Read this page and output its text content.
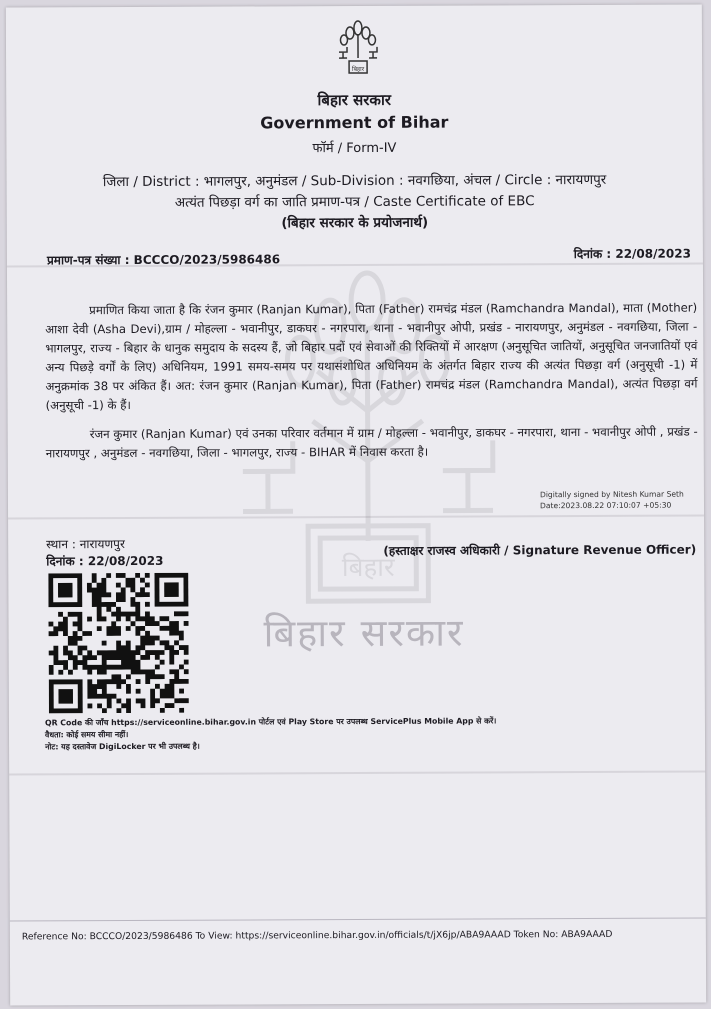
बिहार
बिहार सरकार
बिहार
बिहार सरकार
Government of Bihar
फॉर्म / Form-IV
जिला / District : भागलपुर, अनुमंडल / Sub-Division : नवगछिया, अंचल / Circle : नारायणपुर
अत्यंत पिछड़ा वर्ग का जाति प्रमाण-पत्र / Caste Certificate of EBC
(बिहार सरकार के प्रयोजनार्थ)
प्रमाण-पत्र संख्या : BCCCO/2023/5986486	दिनांक : 22/08/2023
प्रमाणित किया जाता है कि रंजन कुमार (Ranjan Kumar), पिता (Father) रामचंद्र मंडल (Ramchandra Mandal), माता (Mother) आशा देवी (Asha Devi),ग्राम / मोहल्ला - भवानीपुर, डाकघर - नगरपारा, थाना - भवानीपुर ओपी, प्रखंड - नारायणपुर, अनुमंडल - नवगछिया, जिला - भागलपुर, राज्य - बिहार के धानुक समुदाय के सदस्य हैं, जो बिहार पदों एवं सेवाओं की रिक्तियों में आरक्षण (अनुसूचित जातियों, अनुसूचित जनजातियों एवं अन्य पिछड़े वर्गों के लिए) अधिनियम, 1991 समय-समय पर यथासंशोधित अधिनियम के अंतर्गत बिहार राज्य की अत्यंत पिछड़ा वर्ग (अनुसूची -1) में अनुक्रमांक 38 पर अंकित हैं। अत: रंजन कुमार (Ranjan Kumar), पिता (Father) रामचंद्र मंडल (Ramchandra Mandal), अत्यंत पिछड़ा वर्ग (अनुसूची -1) के हैं।
रंजन कुमार (Ranjan Kumar) एवं उनका परिवार वर्तमान में ग्राम / मोहल्ला - भवानीपुर, डाकघर - नगरपारा, थाना - भवानीपुर ओपी , प्रखंड - नारायणपुर , अनुमंडल - नवगछिया, जिला - भागलपुर, राज्य - BIHAR में निवास करता है।
Digitally signed by Nitesh Kumar Seth
Date:2023.08.22 07:10:07 +05:30
स्थान : नारायणपुर
दिनांक : 22/08/2023
(हस्ताक्षर राजस्व अधिकारी / Signature Revenue Officer)
QR Code की जाँच https://serviceonline.bihar.gov.in पोर्टल एवं Play Store पर उपलब्ध ServicePlus Mobile App से करें।
वैधता: कोई समय सीमा नहीं।
नोट: यह दस्तावेज DigiLocker पर भी उपलब्ध है।
Reference No: BCCCO/2023/5986486 To View: https://serviceonline.bihar.gov.in/officials/t/jX6jp/ABA9AAAD Token No: ABA9AAAD
